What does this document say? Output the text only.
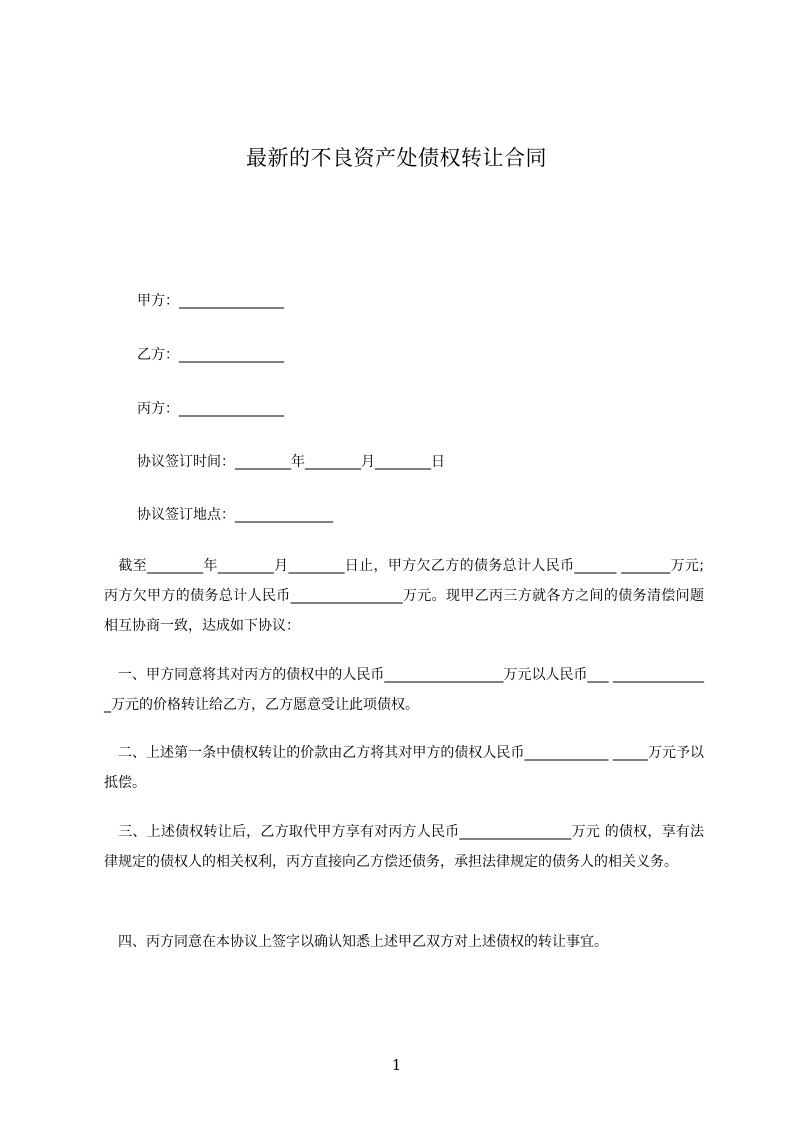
最新的不良资产处债权转让合同
甲方：_______________
乙方：_______________
丙方：_______________
协议签订时间：________年________月________日
协议签订地点：______________
　截至________年________月________日止，甲方欠乙方的债务总计人民币______ _______万元;丙方欠甲方的债务总计人民币________________万元。现甲乙丙三方就各方之间的债务清偿问题相互协商一致，达成如下协议：
　一、甲方同意将其对丙方的债权中的人民币_________________万元以人民币___ ______________万元的价格转让给乙方，乙方愿意受让此项债权。
　二、上述第一条中债权转让的价款由乙方将其对甲方的债权人民币____________ _____万元予以抵偿。
　三、上述债权转让后，乙方取代甲方享有对丙方人民币________________万元 的债权，享有法律规定的债权人的相关权利，丙方直接向乙方偿还债务，承担法律规定的债务人的相关义务。
　四、丙方同意在本协议上签字以确认知悉上述甲乙双方对上述债权的转让事宜。
1
